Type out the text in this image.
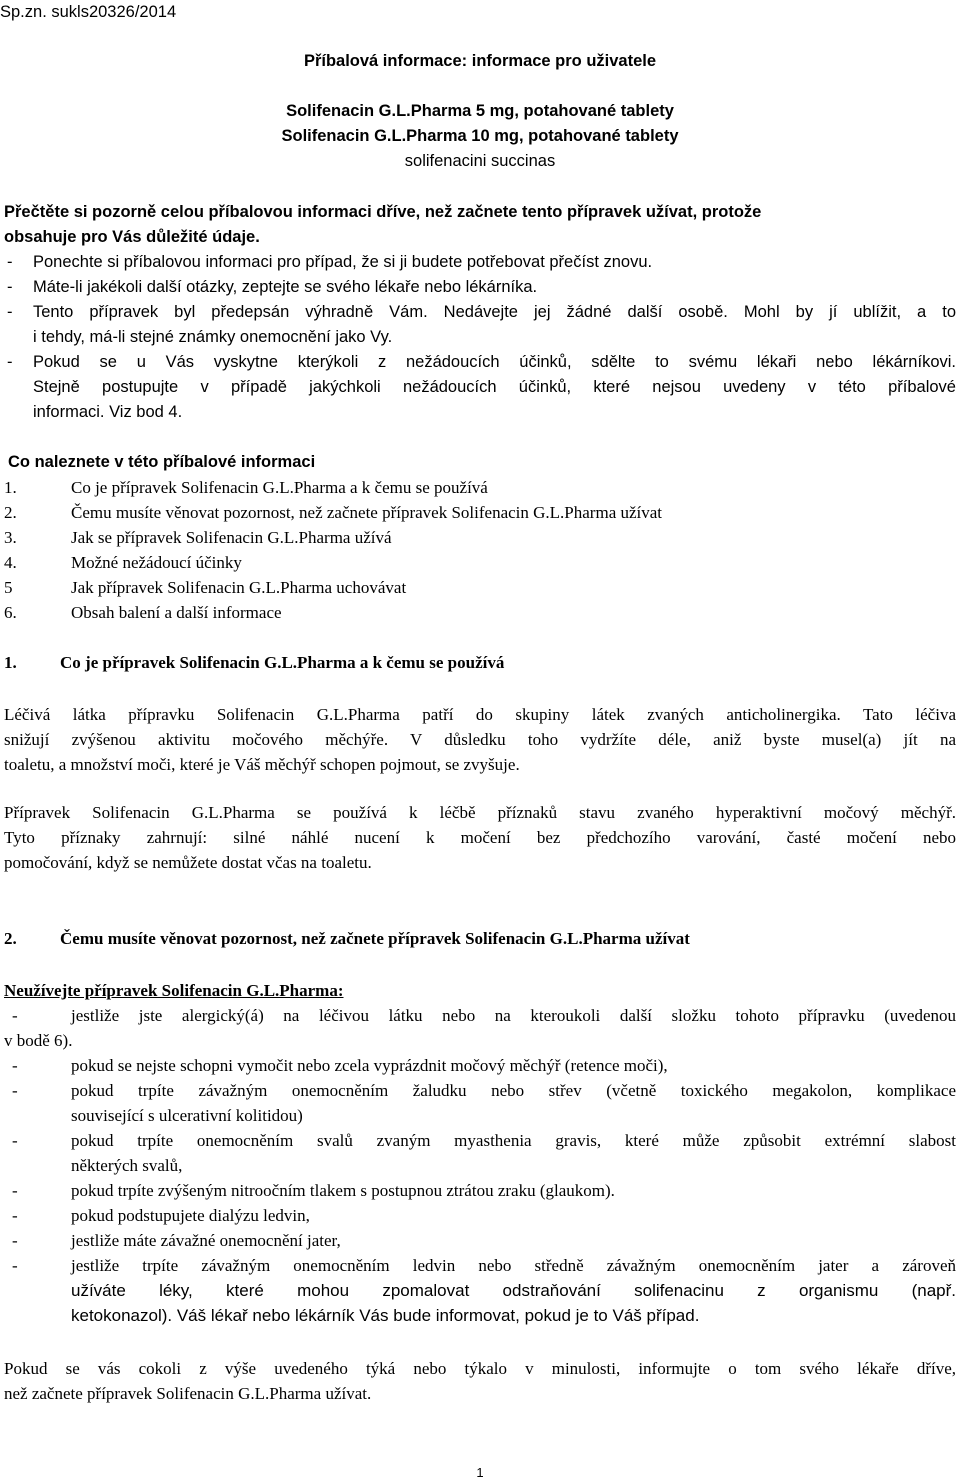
Sp.zn. sukls20326/2014
Příbalová informace: informace pro uživatele
Solifenacin G.L.Pharma 5 mg, potahované tablety
Solifenacin G.L.Pharma 10 mg, potahované tablety
solifenacini succinas
Přečtěte si pozorně celou příbalovou informaci dříve, než začnete tento přípravek užívat, protože
obsahuje pro Vás důležité údaje.
- Ponechte si příbalovou informaci pro případ, že si ji budete potřebovat přečíst znovu.
- Máte-li jakékoli další otázky, zeptejte se svého lékaře nebo lékárníka.
- Tento přípravek byl předepsán výhradně Vám. Nedávejte jej žádné další osobě. Mohl by jí ublížit, a to
i tehdy, má-li stejné známky onemocnění jako Vy.
- Pokud se u Vás vyskytne kterýkoli z nežádoucích účinků, sdělte to svému lékaři nebo lékárníkovi.
Stejně postupujte v případě jakýchkoli nežádoucích účinků, které nejsou uvedeny v této příbalové
informaci. Viz bod 4.
Co naleznete v této příbalové informaci
1.	Co je přípravek Solifenacin G.L.Pharma a k čemu se používá
2.	Čemu musíte věnovat pozornost, než začnete přípravek Solifenacin G.L.Pharma užívat
3.	Jak se přípravek Solifenacin G.L.Pharma užívá
4.	Možné nežádoucí účinky
5	Jak přípravek Solifenacin G.L.Pharma uchovávat
6.	Obsah balení a další informace
1.	Co je přípravek Solifenacin G.L.Pharma a k čemu se používá
Léčivá látka přípravku Solifenacin G.L.Pharma patří do skupiny látek zvaných anticholinergika. Tato léčiva
snižují zvýšenou aktivitu močového měchýře. V důsledku toho vydržíte déle, aniž byste musel(a) jít na
toaletu, a množství moči, které je Váš měchýř schopen pojmout, se zvyšuje.
Přípravek Solifenacin G.L.Pharma se používá k léčbě příznaků stavu zvaného hyperaktivní močový měchýř.
Tyto příznaky zahrnují: silné náhlé nucení k močení bez předchozího varování, časté močení nebo
pomočování, když se nemůžete dostat včas na toaletu.
2.	Čemu musíte věnovat pozornost, než začnete přípravek Solifenacin G.L.Pharma užívat
Neužívejte přípravek Solifenacin G.L.Pharma:
-	jestliže jste alergický(á) na léčivou látku nebo na kteroukoli další složku tohoto přípravku (uvedenou
v bodě 6).
-	pokud se nejste schopni vymočit nebo zcela vyprázdnit močový měchýř (retence moči),
-	pokud trpíte závažným onemocněním žaludku nebo střev (včetně toxického megakolon, komplikace
související s ulcerativní kolitidou)
-	pokud trpíte onemocněním svalů zvaným myasthenia gravis, které může způsobit extrémní slabost
některých svalů,
-	pokud trpíte zvýšeným nitroočním tlakem s postupnou ztrátou zraku (glaukom).
-	pokud podstupujete dialýzu ledvin,
-	jestliže máte závažné onemocnění jater,
-	jestliže trpíte závažným onemocněním ledvin nebo středně závažným onemocněním jater a zároveň
užíváte léky, které mohou zpomalovat odstraňování solifenacinu z organismu (např.
ketokonazol). Váš lékař nebo lékárník Vás bude informovat, pokud je to Váš případ.
Pokud se vás cokoli z výše uvedeného týká nebo týkalo v minulosti, informujte o tom svého lékaře dříve,
než začnete přípravek Solifenacin G.L.Pharma užívat.
1
